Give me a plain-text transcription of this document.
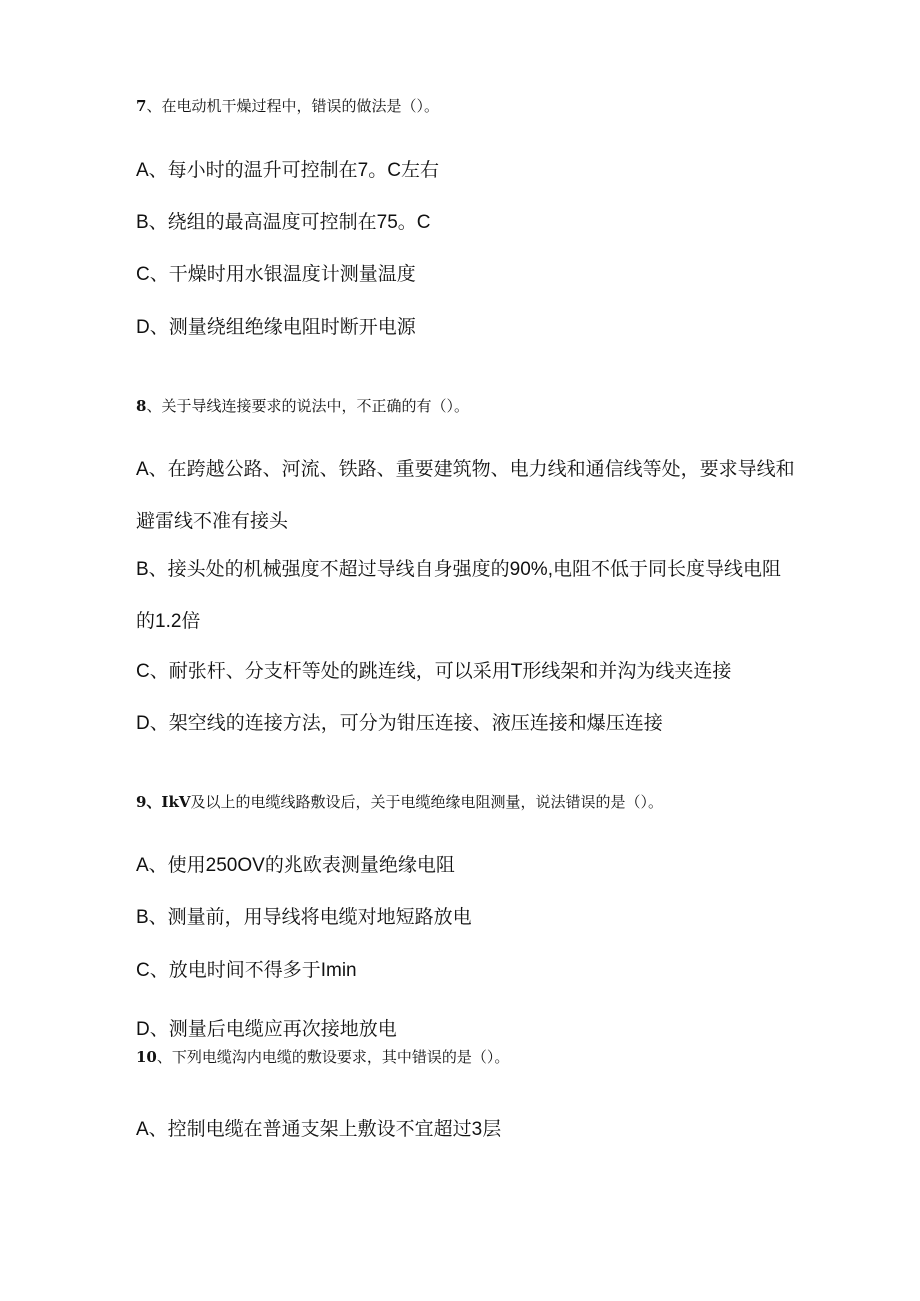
7、在电动机干燥过程中，错误的做法是（）。
A、每小时的温升可控制在7。C左右
B、绕组的最高温度可控制在75。C
C、干燥时用水银温度计测量温度
D、测量绕组绝缘电阻时断开电源
8、关于导线连接要求的说法中，不正确的有（）。
A、在跨越公路、河流、铁路、重要建筑物、电力线和通信线等处，要求导线和避雷线不准有接头
B、接头处的机械强度不超过导线自身强度的90%,电阻不低于同长度导线电阻的1.2倍
C、耐张杆、分支杆等处的跳连线，可以采用T形线架和并沟为线夹连接
D、架空线的连接方法，可分为钳压连接、液压连接和爆压连接
9、IkV及以上的电缆线路敷设后，关于电缆绝缘电阻测量，说法错误的是（）。
A、使用250OV的兆欧表测量绝缘电阻
B、测量前，用导线将电缆对地短路放电
C、放电时间不得多于Imin
D、测量后电缆应再次接地放电
10、下列电缆沟内电缆的敷设要求，其中错误的是（）。
A、控制电缆在普通支架上敷设不宜超过3层
